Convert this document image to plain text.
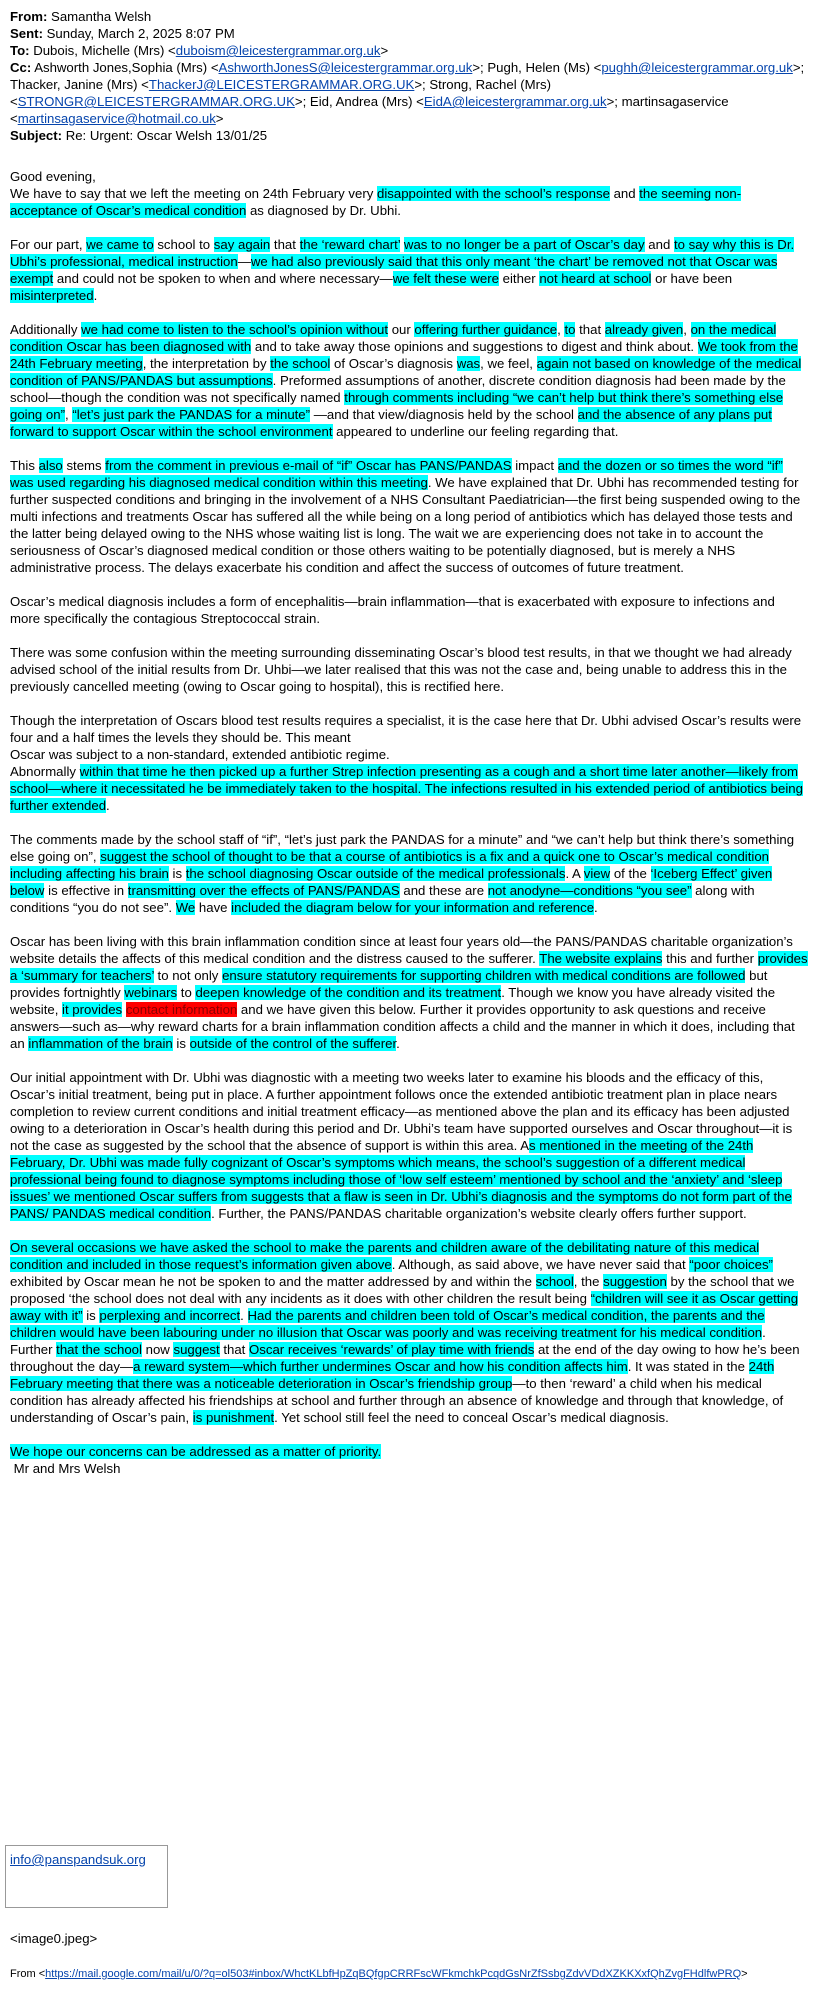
From: Samantha Welsh
Sent: Sunday, March 2, 2025 8:07 PM
To: Dubois, Michelle (Mrs) <duboism@leicestergrammar.org.uk>
Cc: Ashworth Jones,Sophia (Mrs) <AshworthJonesS@leicestergrammar.org.uk>; Pugh, Helen (Ms) <pughh@leicestergrammar.org.uk>; Thacker, Janine (Mrs) <ThackerJ@LEICESTERGRAMMAR.ORG.UK>; Strong, Rachel (Mrs) <STRONGR@LEICESTERGRAMMAR.ORG.UK>; Eid, Andrea (Mrs) <EidA@leicestergrammar.org.uk>; martinsagaservice <martinsagaservice@hotmail.co.uk>
Subject: Re: Urgent: Oscar Welsh 13/01/25

Good evening,

We have to say that we left the meeting on 24th February very disappointed with the school’s response and the seeming non-acceptance of Oscar’s medical condition as diagnosed by Dr. Ubhi.

For our part, we came to school to say again that the ‘reward chart’ was to no longer be a part of Oscar’s day and to say why this is Dr. Ubhi’s professional, medical instruction—we had also previously said that this only meant ‘the chart’ be removed not that Oscar was exempt and could not be spoken to when and where necessary—we felt these were either not heard at school or have been misinterpreted.

Additionally we had come to listen to the school’s opinion without our offering further guidance, to that already given, on the medical condition Oscar has been diagnosed with and to take away those opinions and suggestions to digest and think about. We took from the 24th February meeting, the interpretation by the school of Oscar’s diagnosis was, we feel, again not based on knowledge of the medical condition of PANS/PANDAS but assumptions. Preformed assumptions of another, discrete condition diagnosis had been made by the school—though the condition was not specifically named through comments including “we can’t help but think there’s something else going on”, “let’s just park the PANDAS for a minute” —and that view/diagnosis held by the school and the absence of any plans put forward to support Oscar within the school environment appeared to underline our feeling regarding that.

This also stems from the comment in previous e-mail of “if” Oscar has PANS/PANDAS impact and the dozen or so times the word “if” was used regarding his diagnosed medical condition within this meeting. We have explained that Dr. Ubhi has recommended testing for further suspected conditions and bringing in the involvement of a NHS Consultant Paediatrician—the first being suspended owing to the multi infections and treatments Oscar has suffered all the while being on a long period of antibiotics which has delayed those tests and the latter being delayed owing to the NHS whose waiting list is long. The wait we are experiencing does not take in to account the seriousness of Oscar’s diagnosed medical condition or those others waiting to be potentially diagnosed, but is merely a NHS administrative process. The delays exacerbate his condition and affect the success of outcomes of future treatment.

Oscar’s medical diagnosis includes a form of encephalitis—brain inflammation—that is exacerbated with exposure to infections and more specifically the contagious Streptococcal strain.

There was some confusion within the meeting surrounding disseminating Oscar’s blood test results, in that we thought we had already advised school of the initial results from Dr. Uhbi—we later realised that this was not the case and, being unable to address this in the previously cancelled meeting (owing to Oscar going to hospital), this is rectified here.

Though the interpretation of Oscars blood test results requires a specialist, it is the case here that Dr. Ubhi advised Oscar’s results were four and a half times the levels they should be. This meant
Oscar was subject to a non-standard, extended antibiotic regime.
Abnormally within that time he then picked up a further Strep infection presenting as a cough and a short time later another—likely from school—where it necessitated he be immediately taken to the hospital. The infections resulted in his extended period of antibiotics being further extended.

The comments made by the school staff of “if”, “let’s just park the PANDAS for a minute” and “we can’t help but think there’s something else going on”, suggest the school of thought to be that a course of antibiotics is a fix and a quick one to Oscar’s medical condition including affecting his brain is the school diagnosing Oscar outside of the medical professionals. A view of the ‘Iceberg Effect’ given below is effective in transmitting over the effects of PANS/PANDAS and these are not anodyne—conditions “you see” along with conditions “you do not see”. We have included the diagram below for your information and reference.

Oscar has been living with this brain inflammation condition since at least four years old—the PANS/PANDAS charitable organization’s website details the affects of this medical condition and the distress caused to the sufferer. The website explains this and further provides a ‘summary for teachers’ to not only ensure statutory requirements for supporting children with medical conditions are followed but provides fortnightly webinars to deepen knowledge of the condition and its treatment. Though we know you have already visited the website, it provides contact information and we have given this below. Further it provides opportunity to ask questions and receive answers—such as—why reward charts for a brain inflammation condition affects a child and the manner in which it does, including that an inflammation of the brain is outside of the control of the sufferer.

Our initial appointment with Dr. Ubhi was diagnostic with a meeting two weeks later to examine his bloods and the efficacy of this, Oscar’s initial treatment, being put in place. A further appointment follows once the extended antibiotic treatment plan in place nears completion to review current conditions and initial treatment efficacy—as mentioned above the plan and its efficacy has been adjusted owing to a deterioration in Oscar’s health during this period and Dr. Ubhi’s team have supported ourselves and Oscar throughout—it is not the case as suggested by the school that the absence of support is within this area. As mentioned in the meeting of the 24th February, Dr. Ubhi was made fully cognizant of Oscar’s symptoms which means, the school’s suggestion of a different medical professional being found to diagnose symptoms including those of ‘low self esteem’ mentioned by school and the ‘anxiety’ and ‘sleep issues’ we mentioned Oscar suffers from suggests that a flaw is seen in Dr. Ubhi’s diagnosis and the symptoms do not form part of the PANS/ PANDAS medical condition. Further, the PANS/PANDAS charitable organization’s website clearly offers further support.

On several occasions we have asked the school to make the parents and children aware of the debilitating nature of this medical condition and included in those request’s information given above. Although, as said above, we have never said that “poor choices” exhibited by Oscar mean he not be spoken to and the matter addressed by and within the school, the suggestion by the school that we proposed ‘the school does not deal with any incidents as it does with other children the result being “children will see it as Oscar getting away with it” is perplexing and incorrect. Had the parents and children been told of Oscar’s medical condition, the parents and the children would have been labouring under no illusion that Oscar was poorly and was receiving treatment for his medical condition. Further that the school now suggest that Oscar receives ‘rewards’ of play time with friends at the end of the day owing to how he’s been throughout the day—a reward system—which further undermines Oscar and how his condition affects him. It was stated in the 24th February meeting that there was a noticeable deterioration in Oscar’s friendship group—to then ‘reward’ a child when his medical condition has already affected his friendships at school and further through an absence of knowledge and through that knowledge, of understanding of Oscar’s pain, is punishment. Yet school still feel the need to conceal Oscar’s medical diagnosis.

We hope our concerns can be addressed as a matter of priority.
Mr and Mrs Welsh
info@panspandsuk.org
<image0.jpeg>
From <https://mail.google.com/mail/u/0/?q=ol503#inbox/WhctKLbfHpZqBQfgpCRRFscWFkmchkPcqdGsNrZfSsbgZdvVDdXZKKXxfQhZvgFHdlfwPRQ>
